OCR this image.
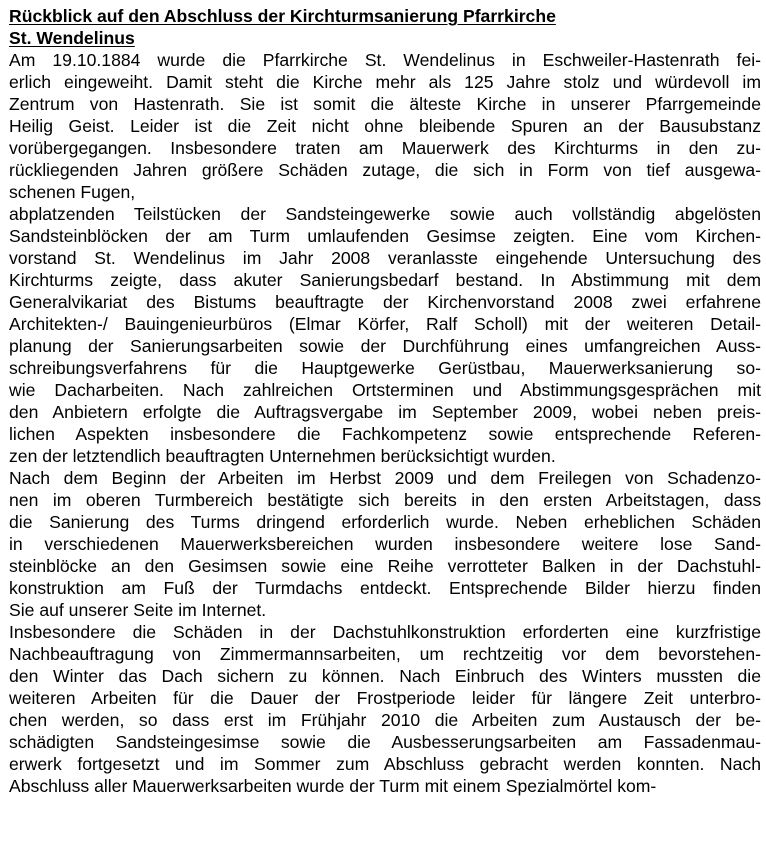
Rückblick auf den Abschluss der Kirchturmsanierung Pfarrkirche
St. Wendelinus
Am 19.10.1884 wurde die Pfarrkirche St. Wendelinus in Eschweiler-Hastenrath fei-
erlich eingeweiht. Damit steht die Kirche mehr als 125 Jahre stolz und würdevoll im
Zentrum von Hastenrath. Sie ist somit die älteste Kirche in unserer Pfarrgemeinde
Heilig Geist. Leider ist die Zeit nicht ohne bleibende Spuren an der Bausubstanz
vorübergegangen. Insbesondere traten am Mauerwerk des Kirchturms in den zu-
rückliegenden Jahren größere Schäden zutage, die sich in Form von tief ausgewa-
schenen Fugen,
abplatzenden Teilstücken der Sandsteingewerke sowie auch vollständig abgelösten
Sandsteinblöcken der am Turm umlaufenden Gesimse zeigten. Eine vom Kirchen-
vorstand St. Wendelinus im Jahr 2008 veranlasste eingehende Untersuchung des
Kirchturms zeigte, dass akuter Sanierungsbedarf bestand. In Abstimmung mit dem
Generalvikariat des Bistums beauftragte der Kirchenvorstand 2008 zwei erfahrene
Architekten-/ Bauingenieurbüros (Elmar Körfer, Ralf Scholl) mit der weiteren Detail-
planung der Sanierungsarbeiten sowie der Durchführung eines umfangreichen Auss-
schreibungsverfahrens für die Hauptgewerke Gerüstbau, Mauerwerksanierung so-
wie Dacharbeiten. Nach zahlreichen Ortsterminen und Abstimmungsgesprächen mit
den Anbietern erfolgte die Auftragsvergabe im September 2009, wobei neben preis-
lichen Aspekten insbesondere die Fachkompetenz sowie entsprechende Referen-
zen der letztendlich beauftragten Unternehmen berücksichtigt wurden.
Nach dem Beginn der Arbeiten im Herbst 2009 und dem Freilegen von Schadenzo-
nen im oberen Turmbereich bestätigte sich bereits in den ersten Arbeitstagen, dass
die Sanierung des Turms dringend erforderlich wurde. Neben erheblichen Schäden
in verschiedenen Mauerwerksbereichen wurden insbesondere weitere lose Sand-
steinblöcke an den Gesimsen sowie eine Reihe verrotteter Balken in der Dachstuhl-
konstruktion am Fuß der Turmdachs entdeckt. Entsprechende Bilder hierzu finden
Sie auf unserer Seite im Internet.
Insbesondere die Schäden in der Dachstuhlkonstruktion erforderten eine kurzfristige
Nachbeauftragung von Zimmermannsarbeiten, um rechtzeitig vor dem bevorstehen-
den Winter das Dach sichern zu können. Nach Einbruch des Winters mussten die
weiteren Arbeiten für die Dauer der Frostperiode leider für längere Zeit unterbro-
chen werden, so dass erst im Frühjahr 2010 die Arbeiten zum Austausch der be-
schädigten Sandsteingesimse sowie die Ausbesserungsarbeiten am Fassadenmau-
erwerk fortgesetzt und im Sommer zum Abschluss gebracht werden konnten. Nach
Abschluss aller Mauerwerksarbeiten wurde der Turm mit einem Spezialmörtel kom-
